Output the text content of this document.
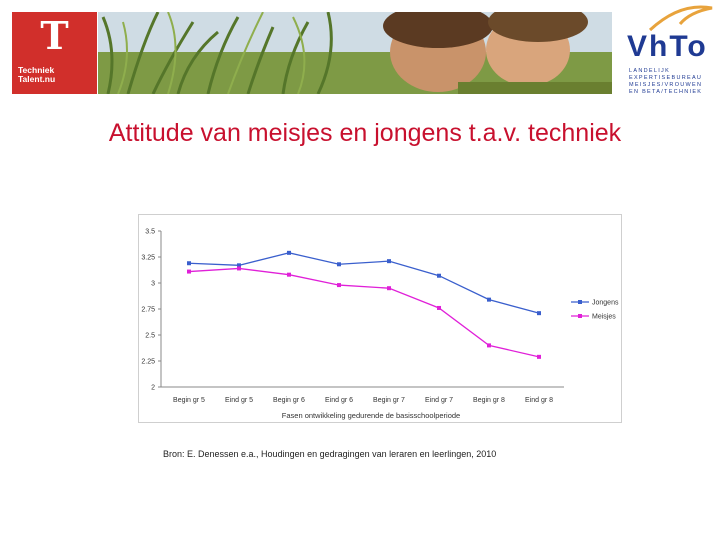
T
Techniek
Talent.nu
VhTo
LANDELIJK
EXPERTISEBUREAU
MEISJES/VROUWEN
EN BETA/TECHNIEK
Attitude van meisjes en jongens t.a.v. techniek
3.5
3.25
3
2.75
2.5
2.25
2
Begin gr 5	Eind gr 5	Begin gr 6	Eind gr 6	Begin gr 7	Eind gr 7	Begin gr 8	Eind gr 8
Jongens
Meisjes
Fasen ontwikkeling gedurende de basisschoolperiode
Bron: E. Denessen e.a., Houdingen en gedragingen van leraren en leerlingen, 2010
